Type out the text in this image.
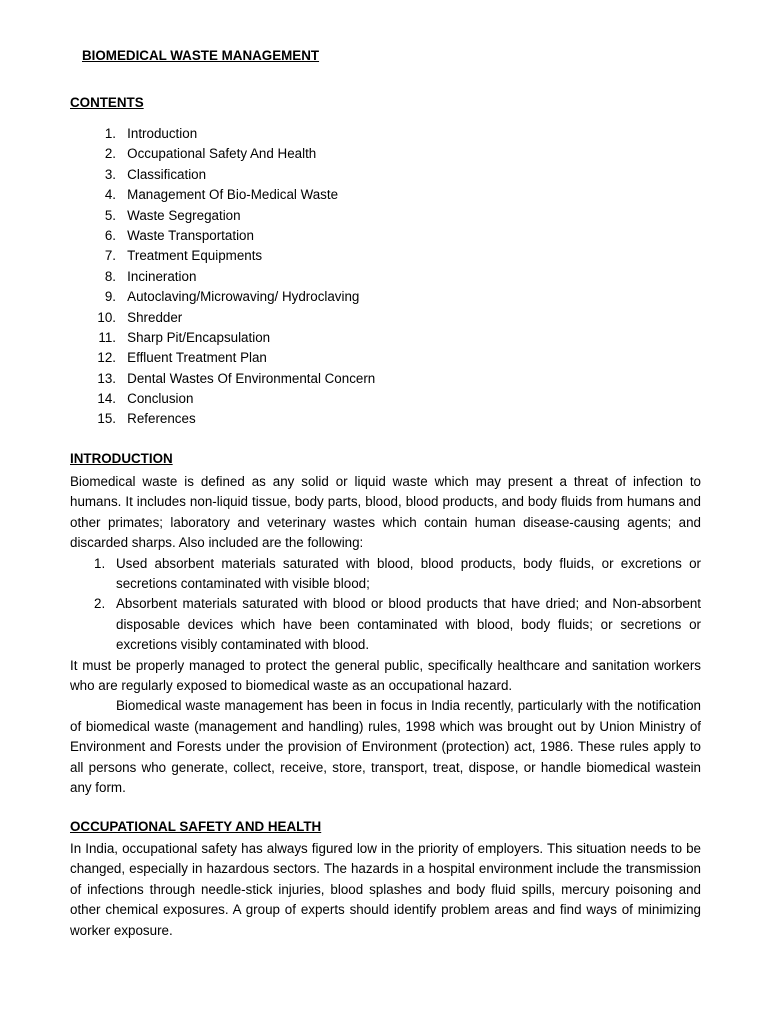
BIOMEDICAL WASTE MANAGEMENT
CONTENTS
1. Introduction
2. Occupational Safety And Health
3. Classification
4. Management Of Bio-Medical Waste
5. Waste Segregation
6. Waste Transportation
7. Treatment Equipments
8. Incineration
9. Autoclaving/Microwaving/ Hydroclaving
10. Shredder
11. Sharp Pit/Encapsulation
12. Effluent Treatment Plan
13. Dental Wastes Of Environmental Concern
14. Conclusion
15. References
INTRODUCTION

Biomedical waste is defined as any solid or liquid waste which may present a threat of infection to humans. It includes non-liquid tissue, body parts, blood, blood products, and body fluids from humans and other primates; laboratory and veterinary wastes which contain human disease-causing agents; and discarded sharps. Also included are the following:

1. Used absorbent materials saturated with blood, blood products, body fluids, or excretions or secretions contaminated with visible blood;
2. Absorbent materials saturated with blood or blood products that have dried; and Non-absorbent disposable devices which have been contaminated with blood, body fluids; or secretions or excretions visibly contaminated with blood.

It must be properly managed to protect the general public, specifically healthcare and sanitation workers who are regularly exposed to biomedical waste as an occupational hazard.

Biomedical waste management has been in focus in India recently, particularly with the notification of biomedical waste (management and handling) rules, 1998 which was brought out by Union Ministry of Environment and Forests under the provision of Environment (protection) act, 1986. These rules apply to all persons who generate, collect, receive, store, transport, treat, dispose, or handle biomedical wastein any form.

OCCUPATIONAL SAFETY AND HEALTH

In India, occupational safety has always figured low in the priority of employers. This situation needs to be changed, especially in hazardous sectors. The hazards in a hospital environment include the transmission of infections through needle-stick injuries, blood splashes and body fluid spills, mercury poisoning and other chemical exposures. A group of experts should identify problem areas and find ways of minimizing worker exposure.
